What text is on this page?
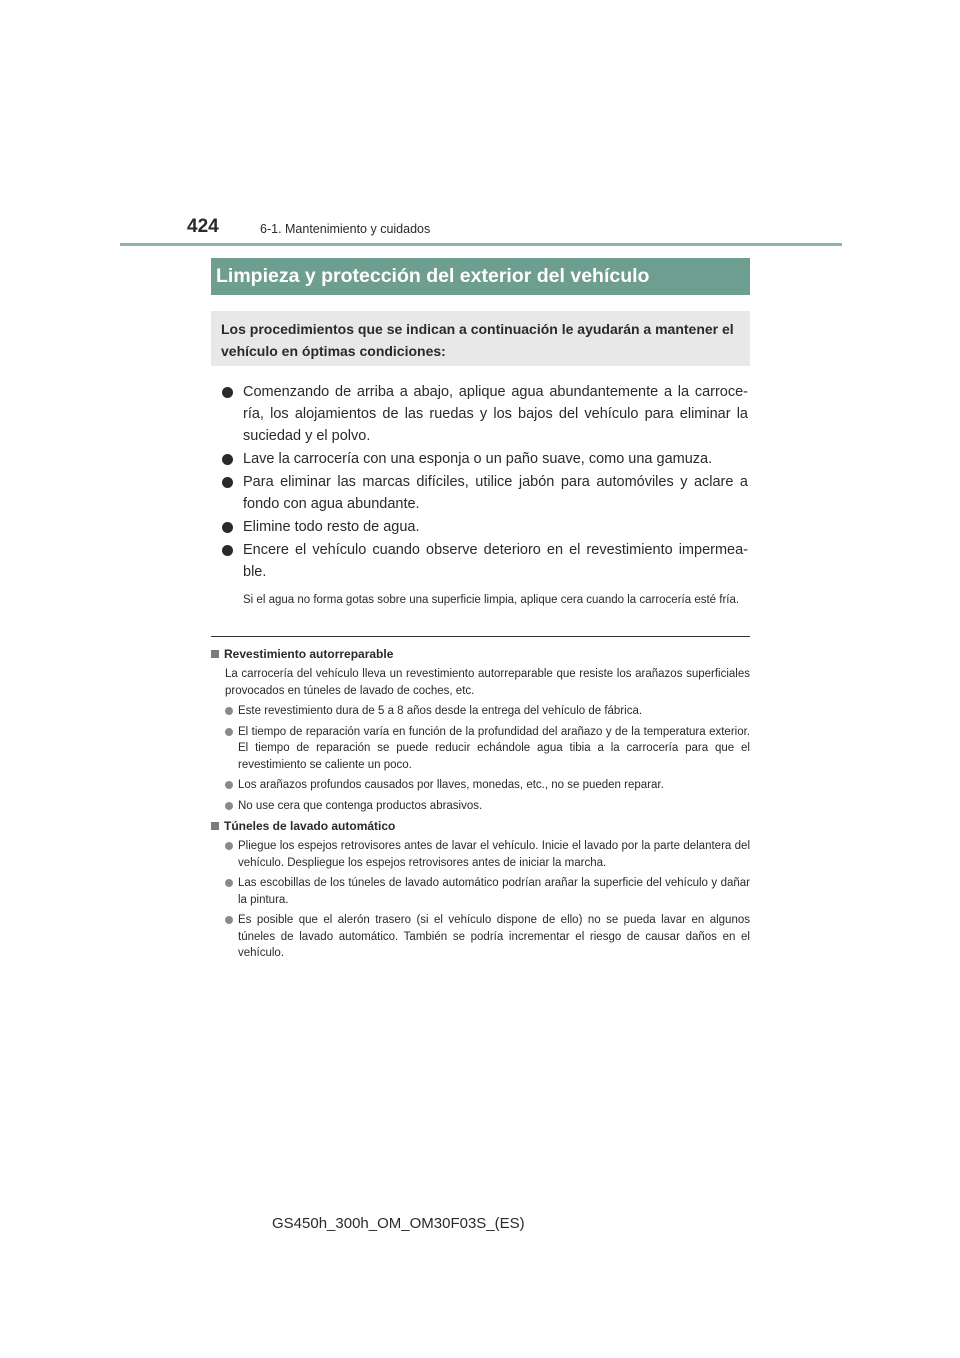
424	6-1. Mantenimiento y cuidados
Limpieza y protección del exterior del vehículo
Los procedimientos que se indican a continuación le ayudarán a mantener el vehículo en óptimas condiciones:
Comenzando de arriba a abajo, aplique agua abundantemente a la carroce-ría, los alojamientos de las ruedas y los bajos del vehículo para eliminar la suciedad y el polvo.
Lave la carrocería con una esponja o un paño suave, como una gamuza.
Para eliminar las marcas difíciles, utilice jabón para automóviles y aclare a fondo con agua abundante.
Elimine todo resto de agua.
Encere el vehículo cuando observe deterioro en el revestimiento impermea-ble.
Si el agua no forma gotas sobre una superficie limpia, aplique cera cuando la carrocería esté fría.
Revestimiento autorreparable
La carrocería del vehículo lleva un revestimiento autorreparable que resiste los arañazos superficiales provocados en túneles de lavado de coches, etc.
Este revestimiento dura de 5 a 8 años desde la entrega del vehículo de fábrica.
El tiempo de reparación varía en función de la profundidad del arañazo y de la temperatura exterior. El tiempo de reparación se puede reducir echándole agua tibia a la carrocería para que el revestimiento se caliente un poco.
Los arañazos profundos causados por llaves, monedas, etc., no se pueden reparar.
No use cera que contenga productos abrasivos.
Túneles de lavado automático
Pliegue los espejos retrovisores antes de lavar el vehículo. Inicie el lavado por la parte delantera del vehículo. Despliegue los espejos retrovisores antes de iniciar la marcha.
Las escobillas de los túneles de lavado automático podrían arañar la superficie del vehículo y dañar la pintura.
Es posible que el alerón trasero (si el vehículo dispone de ello) no se pueda lavar en algunos túneles de lavado automático. También se podría incrementar el riesgo de causar daños en el vehículo.
GS450h_300h_OM_OM30F03S_(ES)
